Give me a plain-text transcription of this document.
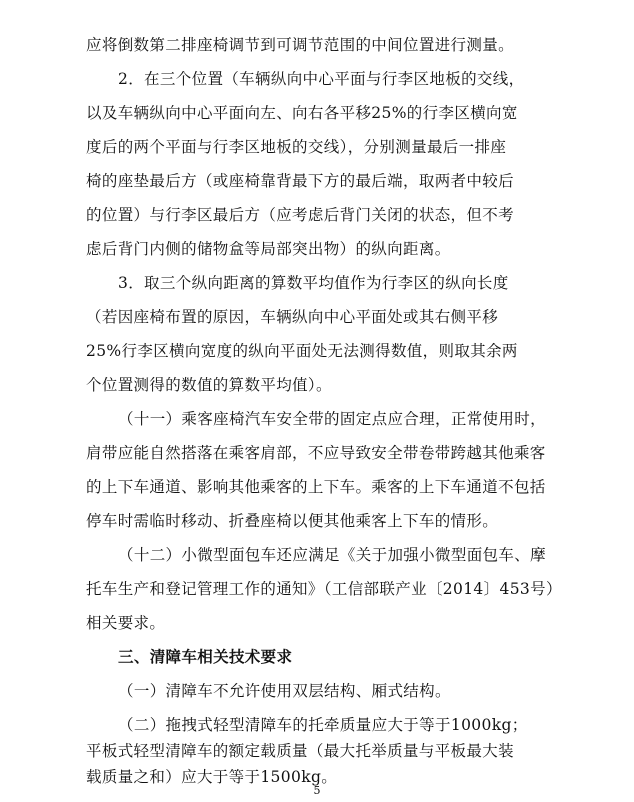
应将倒数第二排座椅调节到可调节范围的中间位置进行测量。
2．在三个位置（车辆纵向中心平面与行李区地板的交线，
以及车辆纵向中心平面向左、向右各平移25%的行李区横向宽
度后的两个平面与行李区地板的交线），分别测量最后一排座
椅的座垫最后方（或座椅靠背最下方的最后端，取两者中较后
的位置）与行李区最后方（应考虑后背门关闭的状态，但不考
虑后背门内侧的储物盒等局部突出物）的纵向距离。
3．取三个纵向距离的算数平均值作为行李区的纵向长度
（若因座椅布置的原因，车辆纵向中心平面处或其右侧平移
25%行李区横向宽度的纵向平面处无法测得数值，则取其余两
个位置测得的数值的算数平均值）。
（十一）乘客座椅汽车安全带的固定点应合理，正常使用时，
肩带应能自然搭落在乘客肩部，不应导致安全带卷带跨越其他乘客
的上下车通道、影响其他乘客的上下车。乘客的上下车通道不包括
停车时需临时移动、折叠座椅以便其他乘客上下车的情形。
（十二）小微型面包车还应满足《关于加强小微型面包车、摩
托车生产和登记管理工作的通知》（工信部联产业〔2014〕453号）
相关要求。
三、清障车相关技术要求
（一）清障车不允许使用双层结构、厢式结构。
（二）拖拽式轻型清障车的托牵质量应大于等于1000kg；
平板式轻型清障车的额定载质量（最大托举质量与平板最大装
载质量之和）应大于等于1500kg。
5
